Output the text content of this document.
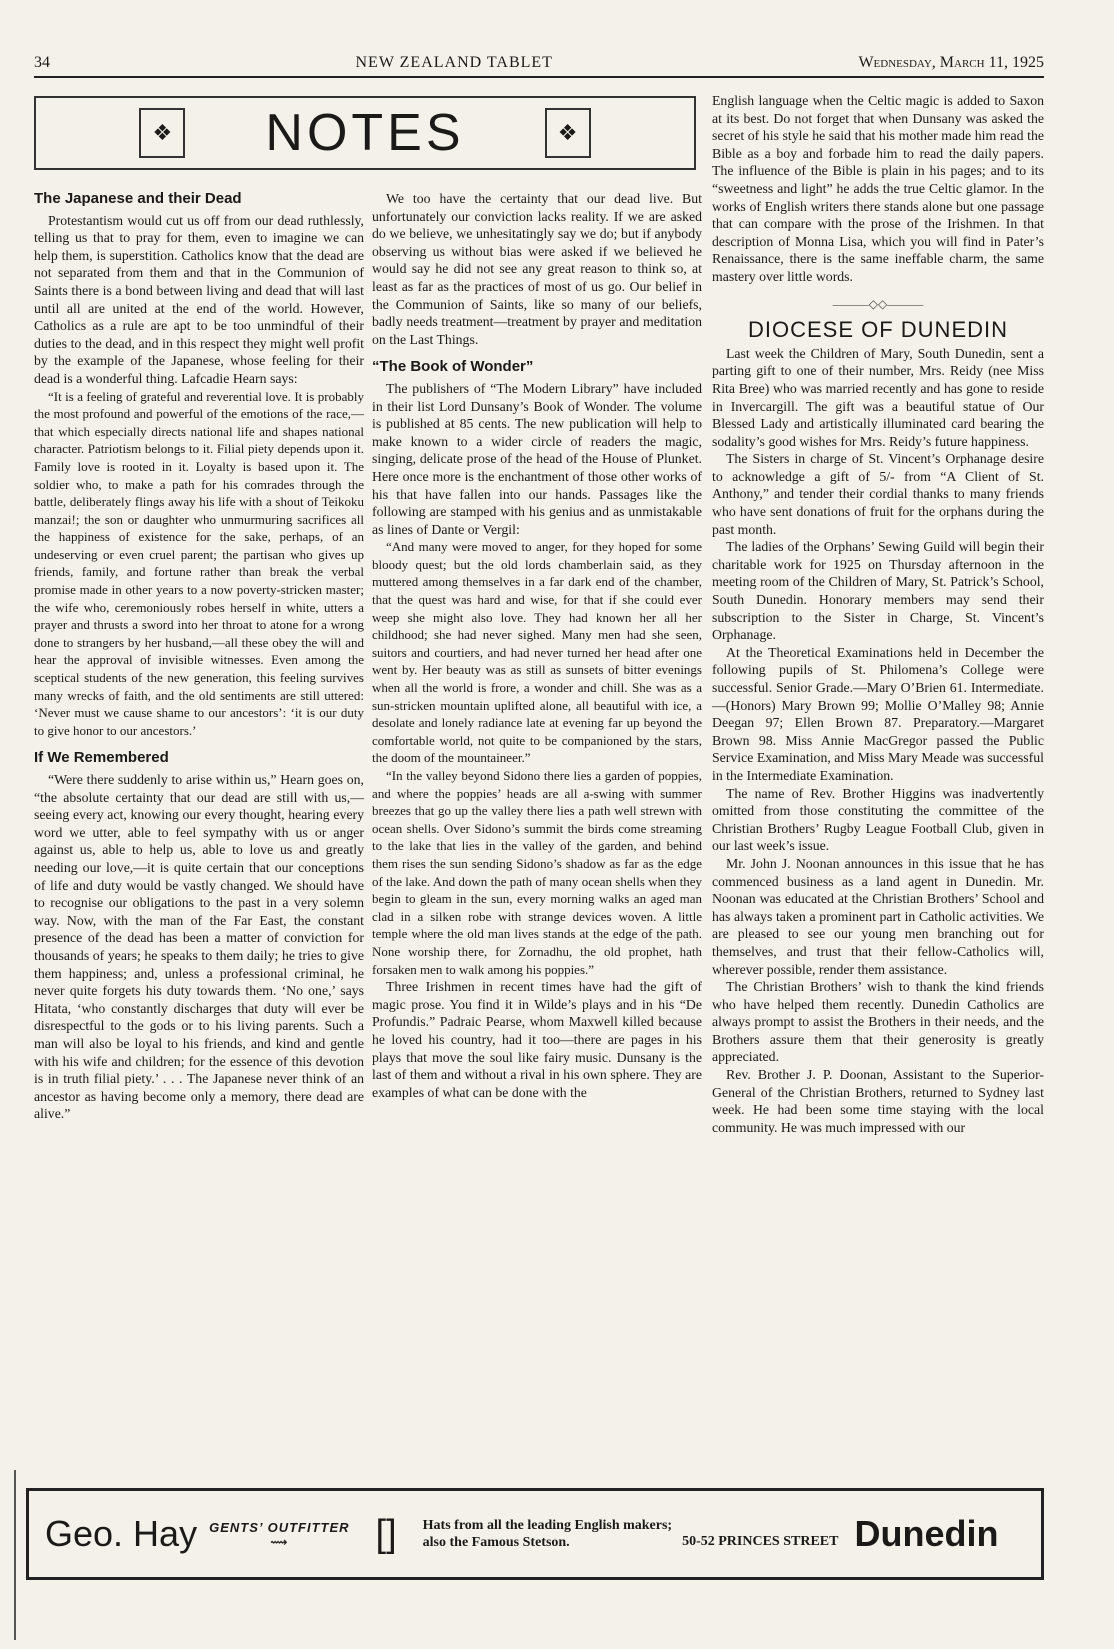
34	NEW ZEALAND TABLET	Wednesday, March 11, 1925
❖ NOTES	❖
The Japanese and their Dead

Protestantism would cut us off from our dead ruthlessly, telling us that to pray for them, even to imagine we can help them, is superstition. Catholics know that the dead are not separated from them and that in the Communion of Saints there is a bond between living and dead that will last until all are united at the end of the world. However, Catholics as a rule are apt to be too unmindful of their duties to the dead, and in this respect they might well profit by the example of the Japanese, whose feeling for their dead is a wonderful thing. Lafcadie Hearn says:

“It is a feeling of grateful and reverential love. It is probably the most profound and powerful of the emotions of the race,—that which especially directs national life and shapes national character. Patriotism belongs to it. Filial piety depends upon it. Family love is rooted in it. Loyalty is based upon it. The soldier who, to make a path for his comrades through the battle, deliberately flings away his life with a shout of Teikoku manzai!; the son or daughter who unmurmuring sacrifices all the happiness of existence for the sake, perhaps, of an undeserving or even cruel parent; the partisan who gives up friends, family, and fortune rather than break the verbal promise made in other years to a now poverty-stricken master; the wife who, ceremoniously robes herself in white, utters a prayer and thrusts a sword into her throat to atone for a wrong done to strangers by her husband,—all these obey the will and hear the approval of invisible witnesses. Even among the sceptical students of the new generation, this feeling survives many wrecks of faith, and the old sentiments are still uttered: ‘Never must we cause shame to our ancestors’: ‘it is our duty to give honor to our ancestors.’

If We Remembered

“Were there suddenly to arise within us,” Hearn goes on, “the absolute certainty that our dead are still with us,—seeing every act, knowing our every thought, hearing every word we utter, able to feel sympathy with us or anger against us, able to help us, able to love us and greatly needing our love,—it is quite certain that our conceptions of life and duty would be vastly changed. We should have to recognise our obligations to the past in a very solemn way. Now, with the man of the Far East, the constant presence of the dead has been a matter of conviction for thousands of years; he speaks to them daily; he tries to give them happiness; and, unless a professional criminal, he never quite forgets his duty towards them. ‘No one,’ says Hitata, ‘who constantly discharges that duty will ever be disrespectful to the gods or to his living parents. Such a man will also be loyal to his friends, and kind and gentle with his wife and children; for the essence of this devotion is in truth filial piety.’ . . . The Japanese never think of an ancestor as having become only a memory, there dead are alive.”

We too have the certainty that our dead live. But unfortunately our conviction lacks reality. If we are asked do we believe, we unhesitatingly say we do; but if anybody observing us without bias were asked if we believed he would say he did not see any great reason to think so, at least as far as the practices of most of us go. Our belief in the Communion of Saints, like so many of our beliefs, badly needs treatment—treatment by prayer and meditation on the Last Things.

“The Book of Wonder”

The publishers of “The Modern Library” have included in their list Lord Dunsany’s Book of Wonder. The volume is published at 85 cents. The new publication will help to make known to a wider circle of readers the magic, singing, delicate prose of the head of the House of Plunket. Here once more is the enchantment of those other works of his that have fallen into our hands. Passages like the following are stamped with his genius and as unmistakable as lines of Dante or Vergil:

“And many were moved to anger, for they hoped for some bloody quest; but the old lords chamberlain said, as they muttered among themselves in a far dark end of the chamber, that the quest was hard and wise, for that if she could ever weep she might also love. They had known her all her childhood; she had never sighed. Many men had she seen, suitors and courtiers, and had never turned her head after one went by. Her beauty was as still as sunsets of bitter evenings when all the world is frore, a wonder and chill. She was as a sun-stricken mountain uplifted alone, all beautiful with ice, a desolate and lonely radiance late at evening far up beyond the comfortable world, not quite to be companioned by the stars, the doom of the mountaineer.”

“In the valley beyond Sidono there lies a garden of poppies, and where the poppies’ heads are all a-swing with summer breezes that go up the valley there lies a path well strewn with ocean shells. Over Sidono’s summit the birds come streaming to the lake that lies in the valley of the garden, and behind them rises the sun sending Sidono’s shadow as far as the edge of the lake. And down the path of many ocean shells when they begin to gleam in the sun, every morning walks an aged man clad in a silken robe with strange devices woven. A little temple where the old man lives stands at the edge of the path. None worship there, for Zornadhu, the old prophet, hath forsaken men to walk among his poppies.”

Three Irishmen in recent times have had the gift of magic prose. You find it in Wilde’s plays and in his “De Profundis.” Padraic Pearse, whom Maxwell killed because he loved his country, had it too—there are pages in his plays that move the soul like fairy music. Dunsany is the last of them and without a rival in his own sphere. They are examples of what can be done with the

English language when the Celtic magic is added to Saxon at its best. Do not forget that when Dunsany was asked the secret of his style he said that his mother made him read the Bible as a boy and forbade him to read the daily papers. The influence of the Bible is plain in his pages; and to its “sweetness and light” he adds the true Celtic glamor. In the works of English writers there stands alone but one passage that can compare with the prose of the Irishmen. In that description of Monna Lisa, which you will find in Pater’s Renaissance, there is the same ineffable charm, the same mastery over little words.

———◇◇———
DIOCESE OF DUNEDIN

Last week the Children of Mary, South Dunedin, sent a parting gift to one of their number, Mrs. Reidy (nee Miss Rita Bree) who was married recently and has gone to reside in Invercargill. The gift was a beautiful statue of Our Blessed Lady and artistically illuminated card bearing the sodality’s good wishes for Mrs. Reidy’s future happiness.

The Sisters in charge of St. Vincent’s Orphanage desire to acknowledge a gift of 5/- from “A Client of St. Anthony,” and tender their cordial thanks to many friends who have sent donations of fruit for the orphans during the past month.

The ladies of the Orphans’ Sewing Guild will begin their charitable work for 1925 on Thursday afternoon in the meeting room of the Children of Mary, St. Patrick’s School, South Dunedin. Honorary members may send their subscription to the Sister in Charge, St. Vincent’s Orphanage.

At the Theoretical Examinations held in December the following pupils of St. Philomena’s College were successful. Senior Grade.—Mary O’Brien 61. Intermediate.—(Honors) Mary Brown 99; Mollie O’Malley 98; Annie Deegan 97; Ellen Brown 87. Preparatory.—Margaret Brown 98. Miss Annie MacGregor passed the Public Service Examination, and Miss Mary Meade was successful in the Intermediate Examination.

The name of Rev. Brother Higgins was inadvertently omitted from those constituting the committee of the Christian Brothers’ Rugby League Football Club, given in our last week’s issue.

Mr. John J. Noonan announces in this issue that he has commenced business as a land agent in Dunedin. Mr. Noonan was educated at the Christian Brothers’ School and has always taken a prominent part in Catholic activities. We are pleased to see our young men branching out for themselves, and trust that their fellow-Catholics will, wherever possible, render them assistance.

The Christian Brothers’ wish to thank the kind friends who have helped them recently. Dunedin Catholics are always prompt to assist the Brothers in their needs, and the Brothers assure them that their generosity is greatly appreciated.

Rev. Brother J. P. Doonan, Assistant to the Superior-General of the Christian Brothers, returned to Sydney last week. He had been some time staying with the local community. He was much impressed with our

Geo. Hay GENTS’ OUTFITTER
⟿ [] Hats from all the leading English makers;
also the Famous Stetson.	50-52 PRINCES STREET Dunedin
